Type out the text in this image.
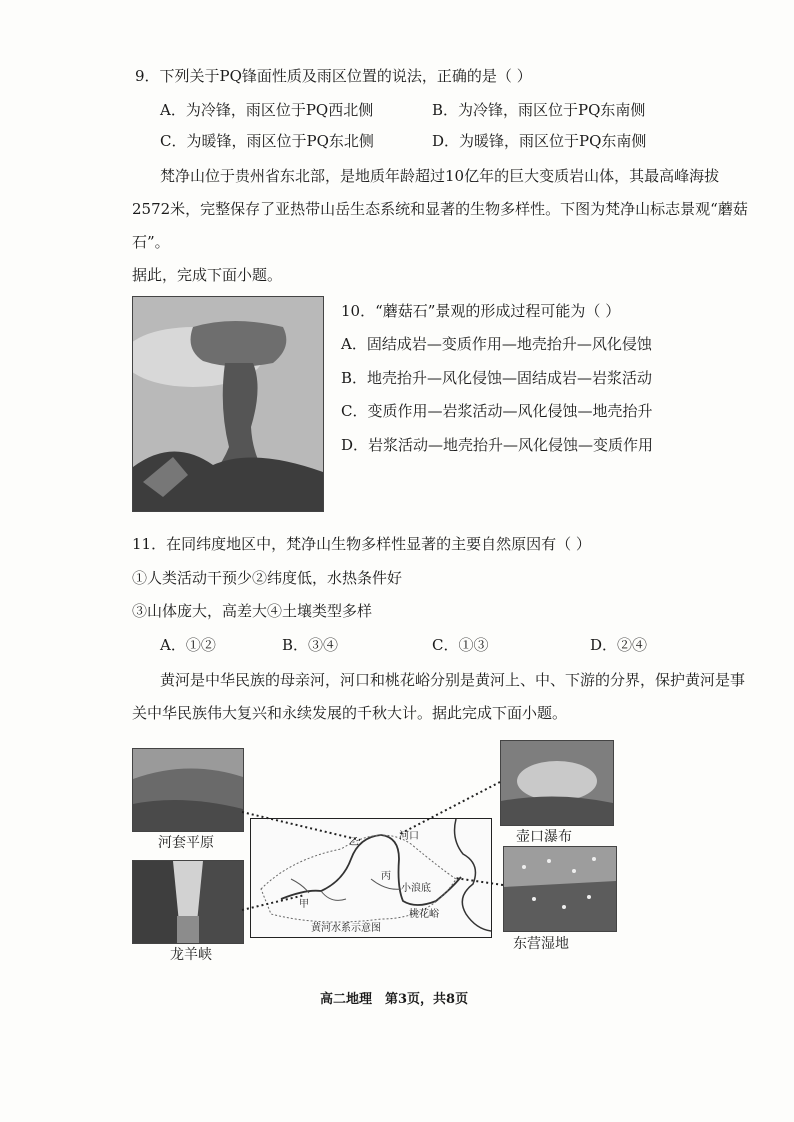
9．下列关于PQ锋面性质及雨区位置的说法，正确的是（ ）
A．为冷锋，雨区位于PQ西北侧	B．为冷锋，雨区位于PQ东南侧
C．为暖锋，雨区位于PQ东北侧	D．为暖锋，雨区位于PQ东南侧
梵净山位于贵州省东北部，是地质年龄超过10亿年的巨大变质岩山体，其最高峰海拔
2572米，完整保存了亚热带山岳生态系统和显著的生物多样性。下图为梵净山标志景观“蘑菇
石”。
据此，完成下面小题。
10．“蘑菇石”景观的形成过程可能为（ ）
A．固结成岩—变质作用—地壳抬升—风化侵蚀
B．地壳抬升—风化侵蚀—固结成岩—岩浆活动
C．变质作用—岩浆活动—风化侵蚀—地壳抬升
D．岩浆活动—地壳抬升—风化侵蚀—变质作用
11．在同纬度地区中，梵净山生物多样性显著的主要自然原因有（ ）
①人类活动干预少②纬度低，水热条件好
③山体庞大，高差大④土壤类型多样
A．①②	B．③④	C．①③	D．②④
黄河是中华民族的母亲河，河口和桃花峪分别是黄河上、中、下游的分界，保护黄河是事
关中华民族伟大复兴和永续发展的千秋大计。据此完成下面小题。
河套平原
龙羊峡
壶口瀑布
东营湿地
乙
河口
甲
丙
小浪底
桃花峪
黄河水系示意图
高二地理　第3页，共8页
